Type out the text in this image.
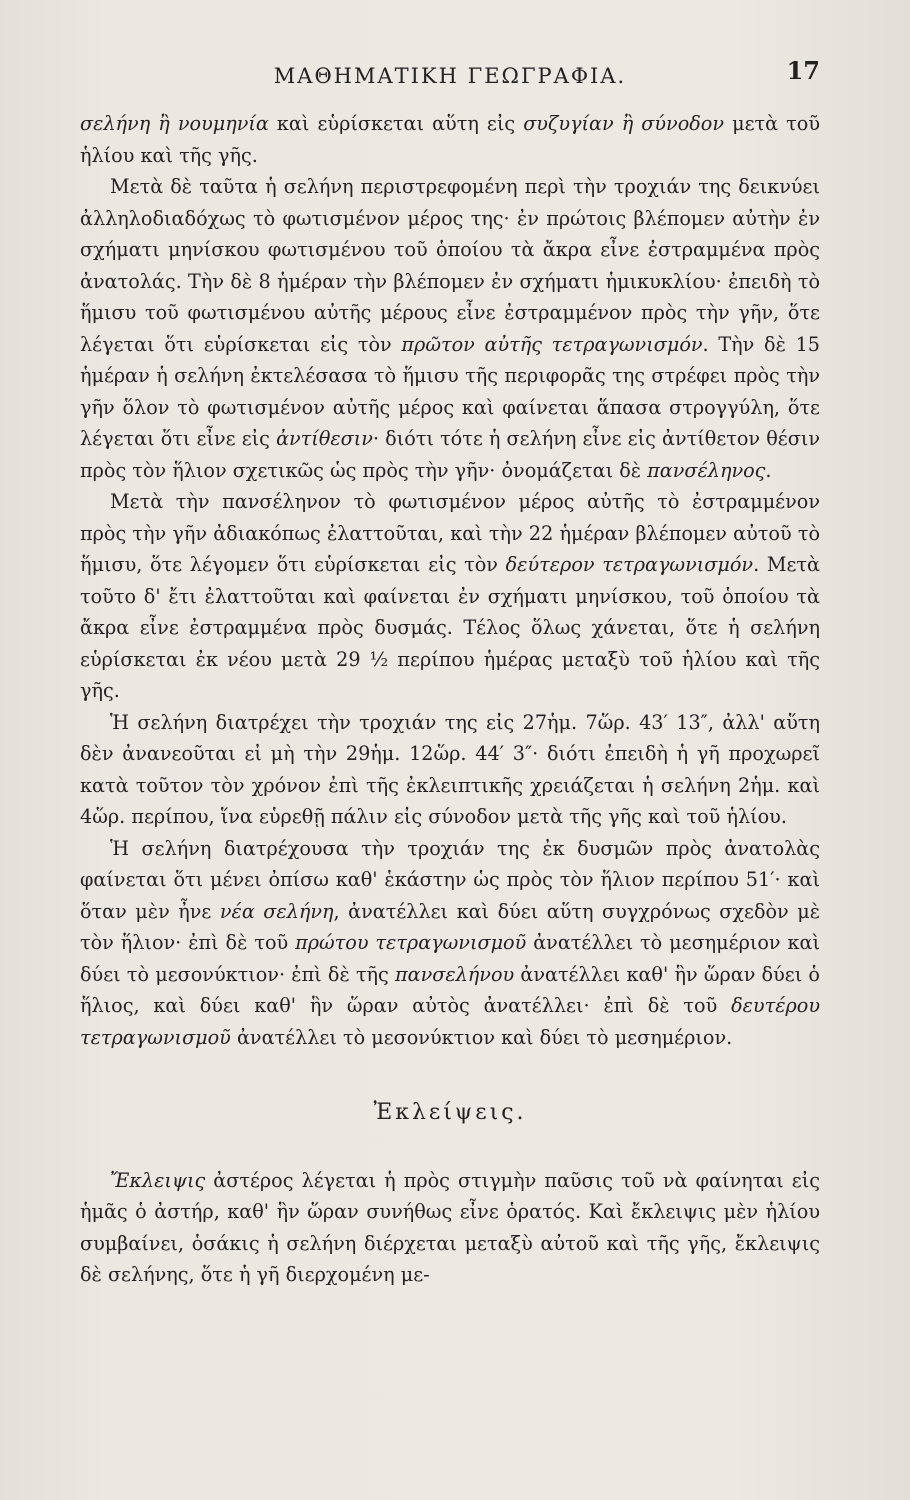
ΜΑΘΗΜΑΤΙΚΗ ΓΕΩΓΡΑΦΙΑ.	17

σελήνη ἢ νουμηνία καὶ εὑρίσκεται αὕτη εἰς συζυγίαν ἢ σύνοδον μετὰ τοῦ ἡλίου καὶ τῆς γῆς.

Μετὰ δὲ ταῦτα ἡ σελήνη περιστρεφομένη περὶ τὴν τροχιάν της δεικνύει ἀλληλοδιαδόχως τὸ φωτισμένον μέρος της· ἐν πρώτοις βλέπομεν αὐτὴν ἐν σχήματι μηνίσκου φωτισμένου τοῦ ὁποίου τὰ ἄκρα εἶνε ἐστραμμένα πρὸς ἀνατολάς. Τὴν δὲ 8 ἡμέραν τὴν βλέπομεν ἐν σχήματι ἡμικυκλίου· ἐπειδὴ τὸ ἥμισυ τοῦ φωτισμένου αὐτῆς μέρους εἶνε ἐστραμμένον πρὸς τὴν γῆν, ὅτε λέγεται ὅτι εὑρίσκεται εἰς τὸν πρῶτον αὐτῆς τετραγωνισμόν. Τὴν δὲ 15 ἡμέραν ἡ σελήνη ἐκτελέσασα τὸ ἥμισυ τῆς περιφορᾶς της στρέφει πρὸς τὴν γῆν ὅλον τὸ φωτισμένον αὐτῆς μέρος καὶ φαίνεται ἅπασα στρογγύλη, ὅτε λέγεται ὅτι εἶνε εἰς ἀντίθεσιν· διότι τότε ἡ σελήνη εἶνε εἰς ἀντίθετον θέσιν πρὸς τὸν ἥλιον σχετικῶς ὡς πρὸς τὴν γῆν· ὀνομάζεται δὲ πανσέληνος.

Μετὰ τὴν πανσέληνον τὸ φωτισμένον μέρος αὐτῆς τὸ ἐστραμμένον πρὸς τὴν γῆν ἀδιακόπως ἐλαττοῦται, καὶ τὴν 22 ἡμέραν βλέπομεν αὐτοῦ τὸ ἥμισυ, ὅτε λέγομεν ὅτι εὑρίσκεται εἰς τὸν δεύτερον τετραγωνισμόν. Μετὰ τοῦτο δ' ἔτι ἐλαττοῦται καὶ φαίνεται ἐν σχήματι μηνίσκου, τοῦ ὁποίου τὰ ἄκρα εἶνε ἐστραμμένα πρὸς δυσμάς. Τέλος ὅλως χάνεται, ὅτε ἡ σελήνη εὑρίσκεται ἐκ νέου μετὰ 29 ½ περίπου ἡμέρας μεταξὺ τοῦ ἡλίου καὶ τῆς γῆς.

Ἡ σελήνη διατρέχει τὴν τροχιάν της εἰς 27ἡμ. 7ὥρ. 43′ 13″, ἀλλ' αὕτη δὲν ἀνανεοῦται εἰ μὴ τὴν 29ἡμ. 12ὥρ. 44′ 3″· διότι ἐπειδὴ ἡ γῆ προχωρεῖ κατὰ τοῦτον τὸν χρόνον ἐπὶ τῆς ἐκλειπτικῆς χρειάζεται ἡ σελήνη 2ἡμ. καὶ 4ὥρ. περίπου, ἵνα εὑρεθῇ πάλιν εἰς σύνοδον μετὰ τῆς γῆς καὶ τοῦ ἡλίου.

Ἡ σελήνη διατρέχουσα τὴν τροχιάν της ἐκ δυσμῶν πρὸς ἀνατολὰς φαίνεται ὅτι μένει ὀπίσω καθ' ἑκάστην ὡς πρὸς τὸν ἥλιον περίπου 51′· καὶ ὅταν μὲν ἦνε νέα σελήνη, ἀνατέλλει καὶ δύει αὕτη συγχρόνως σχεδὸν μὲ τὸν ἥλιον· ἐπὶ δὲ τοῦ πρώτου τετραγωνισμοῦ ἀνατέλλει τὸ μεσημέριον καὶ δύει τὸ μεσονύκτιον· ἐπὶ δὲ τῆς πανσελήνου ἀνατέλλει καθ' ἣν ὥραν δύει ὁ ἥλιος, καὶ δύει καθ' ἣν ὥραν αὐτὸς ἀνατέλλει· ἐπὶ δὲ τοῦ δευτέρου τετραγωνισμοῦ ἀνατέλλει τὸ μεσονύκτιον καὶ δύει τὸ μεσημέριον.

Ἐκλείψεις.

Ἔκλειψις ἀστέρος λέγεται ἡ πρὸς στιγμὴν παῦσις τοῦ νὰ φαίνηται εἰς ἡμᾶς ὁ ἀστήρ, καθ' ἣν ὥραν συνήθως εἶνε ὁρατός. Καὶ ἔκλειψις μὲν ἡλίου συμβαίνει, ὁσάκις ἡ σελήνη διέρχεται μεταξὺ αὐτοῦ καὶ τῆς γῆς, ἔκλειψις δὲ σελήνης, ὅτε ἡ γῆ διερχομένη με-
